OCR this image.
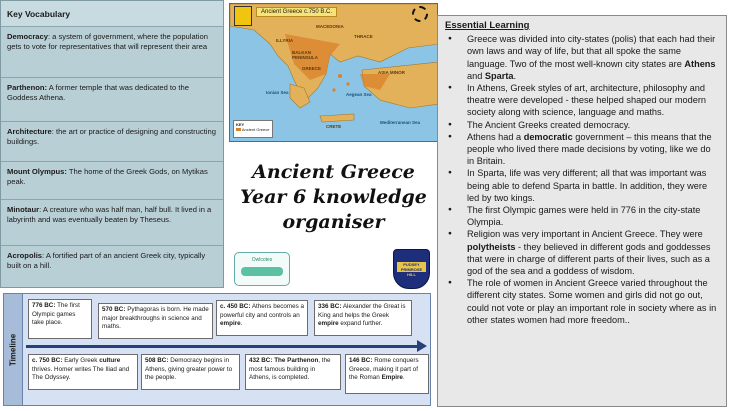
Key Vocabulary
Democracy: a system of government, where the population gets to vote for representatives that will represent their area
Parthenon: A former temple that was dedicated to the Goddess Athena.
Architecture: the art or practice of designing and constructing buildings.
Mount Olympus: The home of the Greek Gods, on Mytikas peak.
Minotaur: A creature who was half man, half bull. It lived in a labyrinth and was eventually beaten by Theseus.
Acropolis: A fortified part of an ancient Greek city, typically built on a hill.
Ancient Greece c.750 B.C.
MACEDONIA
ILLYRIA
BALKAN PENINSULA
GREECE
ASIA MINOR
THRACE
CRETE
Mediterranean Sea
Aegean Sea
Ionian Sea
KEY
Ancient Greece
Ancient Greece
Year 6 knowledge
organiser
Owlcotes
PUDSEY
PRIMROSE
HILL
Timeline
776 BC: The first Olympic games take place.
570 BC: Pythagoras is born. He made major breakthroughs in science and maths.
c. 450 BC: Athens becomes a powerful city and controls an empire.
336 BC: Alexander the Great is King and helps the Greek empire expand further.
c. 750 BC: Early Greek culture thrives. Homer writes The Iliad and The Odyssey.
508 BC: Democracy begins in Athens, giving greater power to the people.
432 BC: The Parthenon, the most famous building in Athens, is completed.
146 BC: Rome conquers Greece, making it part of the Roman Empire.
Essential Learning
● Greece was divided into city-states (polis) that each had their own laws and way of life, but that all spoke the same language. Two of the most well-known city states are Athens and Sparta.
● In Athens, Greek styles of art, architecture, philosophy and theatre were developed - these helped shaped our modern society along with science, language and maths.
● The Ancient Greeks created democracy.
● Athens had a democratic government – this means that the people who lived there made decisions by voting, like we do in Britain.
● In Sparta, life was very different; all that was important was being able to defend Sparta in battle. In addition, they were led by two kings.
● The first Olympic games were held in 776 in the city-state Olympia.
● Religion was very important in Ancient Greece. They were polytheists - they believed in different gods and goddesses that were in charge of different parts of their lives, such as a god of the sea and a goddess of wisdom.
● The role of women in Ancient Greece varied throughout the different city states. Some women and girls did not go out, could not vote or play an important role in society where as in other states women had more freedom..
